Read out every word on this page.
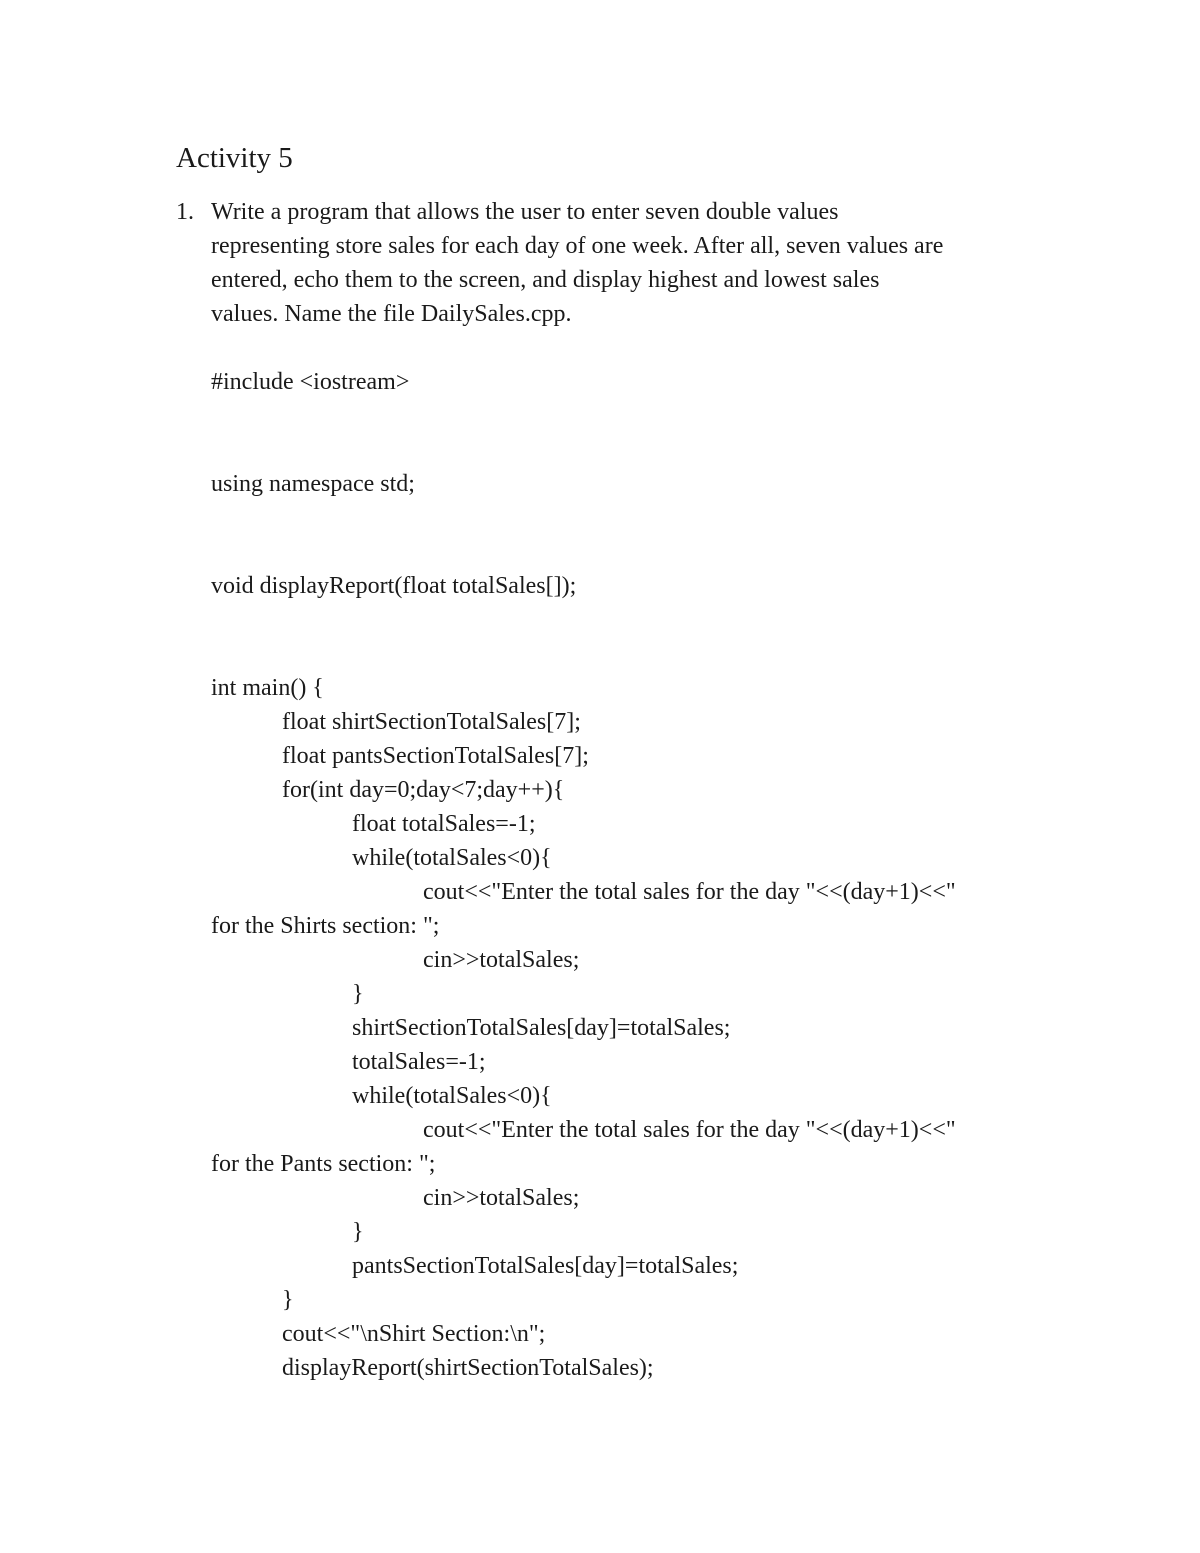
Activity 5
1. Write a program that allows the user to enter seven double values
representing store sales for each day of one week. After all, seven values are
entered, echo them to the screen, and display highest and lowest sales
values. Name the file DailySales.cpp.
#include <iostream>
using namespace std;
void displayReport(float totalSales[]);
int main() {
float shirtSectionTotalSales[7];
float pantsSectionTotalSales[7];
for(int day=0;day<7;day++){
float totalSales=-1;
while(totalSales<0){
cout<<"Enter the total sales for the day "<<(day+1)<<"
for the Shirts section: ";
cin>>totalSales;
}
shirtSectionTotalSales[day]=totalSales;
totalSales=-1;
while(totalSales<0){
cout<<"Enter the total sales for the day "<<(day+1)<<"
for the Pants section: ";
cin>>totalSales;
}
pantsSectionTotalSales[day]=totalSales;
}
cout<<"\nShirt Section:\n";
displayReport(shirtSectionTotalSales);
